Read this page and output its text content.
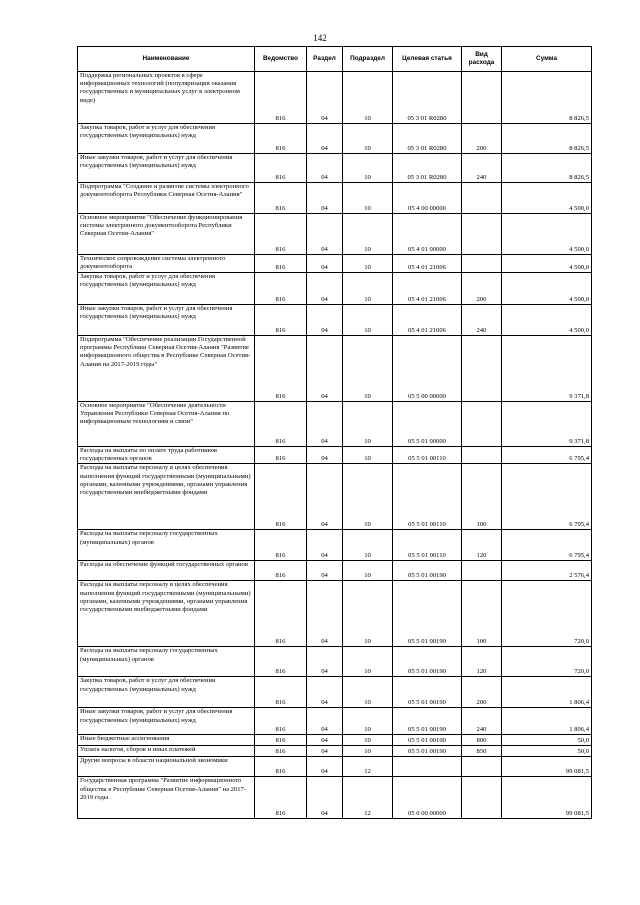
142
Наименование	Ведомство	Раздел	Подраздел	Целевая статья	Вид расхода	Сумма
Поддержка региональных проектов в сфере информационных технологий (популяризация оказания государственных и муниципальных услуг в электронном виде)	816	04	10	05 3 01 R0280		8 826,5
Закупка товаров, работ и услуг для обеспечения государственных (муниципальных) нужд	816	04	10	05 3 01 R0280	200	8 826,5
Иные закупки товаров, работ и услуг для обеспечения государственных (муниципальных) нужд	816	04	10	05 3 01 R0280	240	8 826,5
Подпрограмма "Создание и развитие системы электронного документооборота Республики Северная Осетия-Алания"	816	04	10	05 4 00 00000		4 500,0
Основное мероприятие "Обеспечение функционирования системы электронного документооборота Республики Северная Осетия-Алания"	816	04	10	05 4 01 00000		4 500,0
Техническое сопровождение системы электронного документооборота	816	04	10	05 4 01 21006		4 500,0
Закупка товаров, работ и услуг для обеспечения государственных (муниципальных) нужд	816	04	10	05 4 01 21006	200	4 500,0
Иные закупки товаров, работ и услуг для обеспечения государственных (муниципальных) нужд	816	04	10	05 4 01 21006	240	4 500,0
Подпрограмма "Обеспечение реализации Государственной программы Республики Северная Осетия-Алания "Развитие информационного общества в Республике Северная Осетия-Алания на 2017-2019 годы"	816	04	10	05 5 00 00000		9 371,8
Основное мероприятие "Обеспечение деятельности Управления Республики Северная Осетия-Алания по информационным технологиям и связи"	816	04	10	05 5 01 00000		9 371,8
Расходы на выплаты по оплате труда работников государственных органов	816	04	10	05 5 01 00110		6 795,4
Расходы на выплаты персоналу в целях обеспечения выполнения функций государственными (муниципальными) органами, казенными учреждениями, органами управления государственными внебюджетными фондами	816	04	10	05 5 01 00110	100	6 795,4
Расходы на выплаты персоналу государственных (муниципальных) органов	816	04	10	05 5 01 00110	120	6 795,4
Расходы на обеспечение функций государственных органов	816	04	10	05 5 01 00190		2 576,4
Расходы на выплаты персоналу в целях обеспечения выполнения функций государственными (муниципальными) органами, казенными учреждениями, органами управления государственными внебюджетными фондами	816	04	10	05 5 01 00190	100	720,0
Расходы на выплаты персоналу государственных (муниципальных) органов	816	04	10	05 5 01 00190	120	720,0
Закупка товаров, работ и услуг для обеспечения государственных (муниципальных) нужд	816	04	10	05 5 01 00190	200	1 806,4
Иные закупки товаров, работ и услуг для обеспечения государственных (муниципальных) нужд	816	04	10	05 5 01 00190	240	1 806,4
Иные бюджетные ассигнования	816	04	10	05 5 01 00190	800	50,0
Уплата налогов, сборов и иных платежей	816	04	10	05 5 01 00190	850	50,0
Другие вопросы в области национальной экономики	816	04	12			99 081,5
Государственная программа "Развитие информационного общества в Республике Северная Осетия-Алания" на 2017-2019 годы	816	04	12	05 0 00 00000		99 081,5
